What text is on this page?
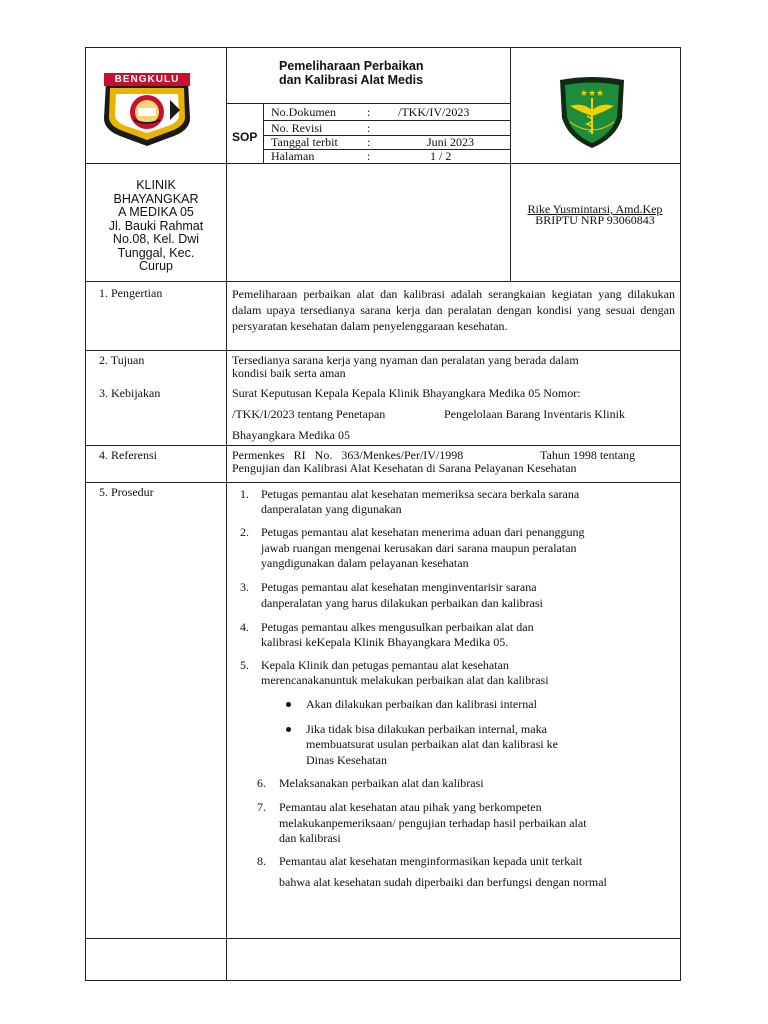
BENGKULU
Pemeliharaan Perbaikan
dan Kalibrasi Alat Medis
★★★
SOP
No.Dokumen	: /TKK/IV/2023
No. Revisi	:
Tanggal terbit :	Juni 2023
Halaman	:	1 / 2
KLINIK
BHAYANGKAR
A MEDIKA 05
Jl. Bauki Rahmat
No.08, Kel. Dwi
Tunggal, Kec.
Curup
Rike Yusmintarsi, Amd.Kep
BRIPTU NRP 93060843
1. Pengertian	Pemeliharaan perbaikan alat dan kalibrasi adalah serangkaian kegiatan yang dilakukan dalam upaya tersedianya sarana kerja dan peralatan dengan kondisi yang sesuai dengan persyaratan kesehatan dalam penyelenggaraan kesehatan.
2. Tujuan	Tersedianya sarana kerja yang nyaman dan peralatan yang berada dalam
kondisi baik serta aman
3. Kebijakan	Surat Keputusan Kepala Kepala Klinik Bhayangkara Medika 05 Nomor:
/TKK/I/2023 tentang Penetapan	Pengelolaan Barang Inventaris Klinik
Bhayangkara Medika 05
4. Referensi	Permenkes   RI   No.   363/Menkes/Per/IV/1998	Tahun 1998 tentang
Pengujian dan Kalibrasi Alat Kesehatan di Sarana Pelayanan Kesehatan
5. Prosedur	1. Petugas pemantau alat kesehatan memeriksa secara berkala sarana
danperalatan yang digunakan
2. Petugas pemantau alat kesehatan menerima aduan dari penanggung
jawab ruangan mengenai kerusakan dari sarana maupun peralatan
yangdigunakan dalam pelayanan kesehatan
3. Petugas pemantau alat kesehatan menginventarisir sarana
danperalatan yang harus dilakukan perbaikan dan kalibrasi
4. Petugas pemantau alkes mengusulkan perbaikan alat dan
kalibrasi keKepala Klinik Bhayangkara Medika 05.
5. Kepala Klinik dan petugas pemantau alat kesehatan
merencanakanuntuk melakukan perbaikan alat dan kalibrasi
Akan dilakukan perbaikan dan kalibrasi internal
Jika tidak bisa dilakukan perbaikan internal, maka
membuatsurat usulan perbaikan alat dan kalibrasi ke
Dinas Kesehatan
6. Melaksanakan perbaikan alat dan kalibrasi
7. Pemantau alat kesehatan atau pihak yang berkompeten
melakukanpemeriksaan/ pengujian terhadap hasil perbaikan alat
dan kalibrasi
8. Pemantau alat kesehatan menginformasikan kepada unit terkait
bahwa alat kesehatan sudah diperbaiki dan berfungsi dengan normal
